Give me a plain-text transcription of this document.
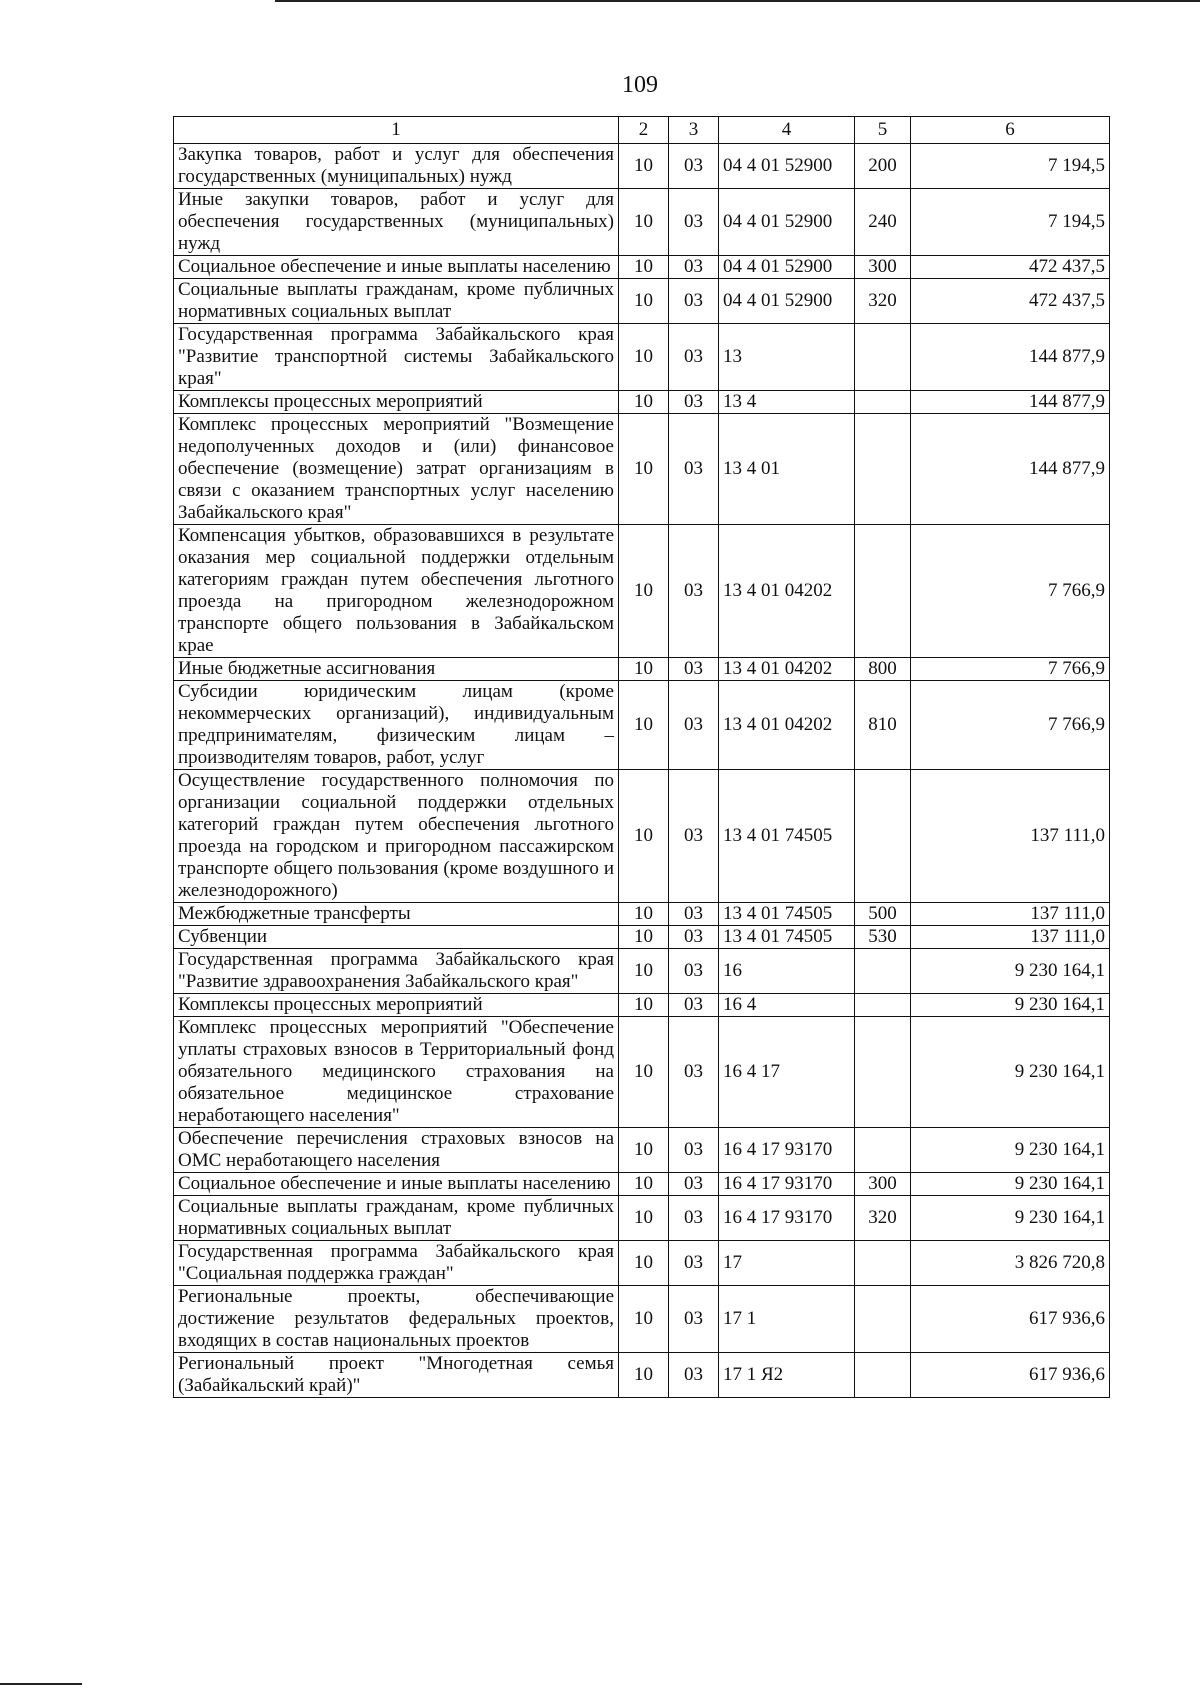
109
1	2	3	4	5	6
Закупка товаров, работ и услуг для обеспечения государственных (муниципальных) нужд	10	03	04 4 01 52900	200	7 194,5
Иные закупки товаров, работ и услуг для обеспечения государственных (муниципальных) нужд	10	03	04 4 01 52900	240	7 194,5
Социальное обеспечение и иные выплаты населению	10	03	04 4 01 52900	300	472 437,5
Социальные выплаты гражданам, кроме публичных нормативных социальных выплат	10	03	04 4 01 52900	320	472 437,5
Государственная программа Забайкальского края "Развитие транспортной системы Забайкальского края"	10	03	13		144 877,9
Комплексы процессных мероприятий	10	03	13 4		144 877,9
Комплекс процессных мероприятий "Возмещение недополученных доходов и (или) финансовое обеспечение (возмещение) затрат организациям в связи с оказанием транспортных услуг населению Забайкальского края"	10	03	13 4 01		144 877,9
Компенсация убытков, образовавшихся в результате оказания мер социальной поддержки отдельным категориям граждан путем обеспечения льготного проезда на пригородном железнодорожном транспорте общего пользования в Забайкальском крае	10	03	13 4 01 04202		7 766,9
Иные бюджетные ассигнования	10	03	13 4 01 04202	800	7 766,9
Субсидии юридическим лицам (кроме некоммерческих организаций), индивидуальным предпринимателям, физическим лицам – производителям товаров, работ, услуг	10	03	13 4 01 04202	810	7 766,9
Осуществление государственного полномочия по организации социальной поддержки отдельных категорий граждан путем обеспечения льготного проезда на городском и пригородном пассажирском транспорте общего пользования (кроме воздушного и железнодорожного)	10	03	13 4 01 74505		137 111,0
Межбюджетные трансферты	10	03	13 4 01 74505	500	137 111,0
Субвенции	10	03	13 4 01 74505	530	137 111,0
Государственная программа Забайкальского края "Развитие здравоохранения Забайкальского края"	10	03	16		9 230 164,1
Комплексы процессных мероприятий	10	03	16 4		9 230 164,1
Комплекс процессных мероприятий "Обеспечение уплаты страховых взносов в Территориальный фонд обязательного медицинского страхования на обязательное медицинское страхование неработающего населения"	10	03	16 4 17		9 230 164,1
Обеспечение перечисления страховых взносов на ОМС неработающего населения	10	03	16 4 17 93170		9 230 164,1
Социальное обеспечение и иные выплаты населению	10	03	16 4 17 93170	300	9 230 164,1
Социальные выплаты гражданам, кроме публичных нормативных социальных выплат	10	03	16 4 17 93170	320	9 230 164,1
Государственная программа Забайкальского края "Социальная поддержка граждан"	10	03	17		3 826 720,8
Региональные проекты, обеспечивающие достижение результатов федеральных проектов, входящих в состав национальных проектов	10	03	17 1		617 936,6
Региональный проект "Многодетная семья (Забайкальский край)"	10	03	17 1 Я2		617 936,6
